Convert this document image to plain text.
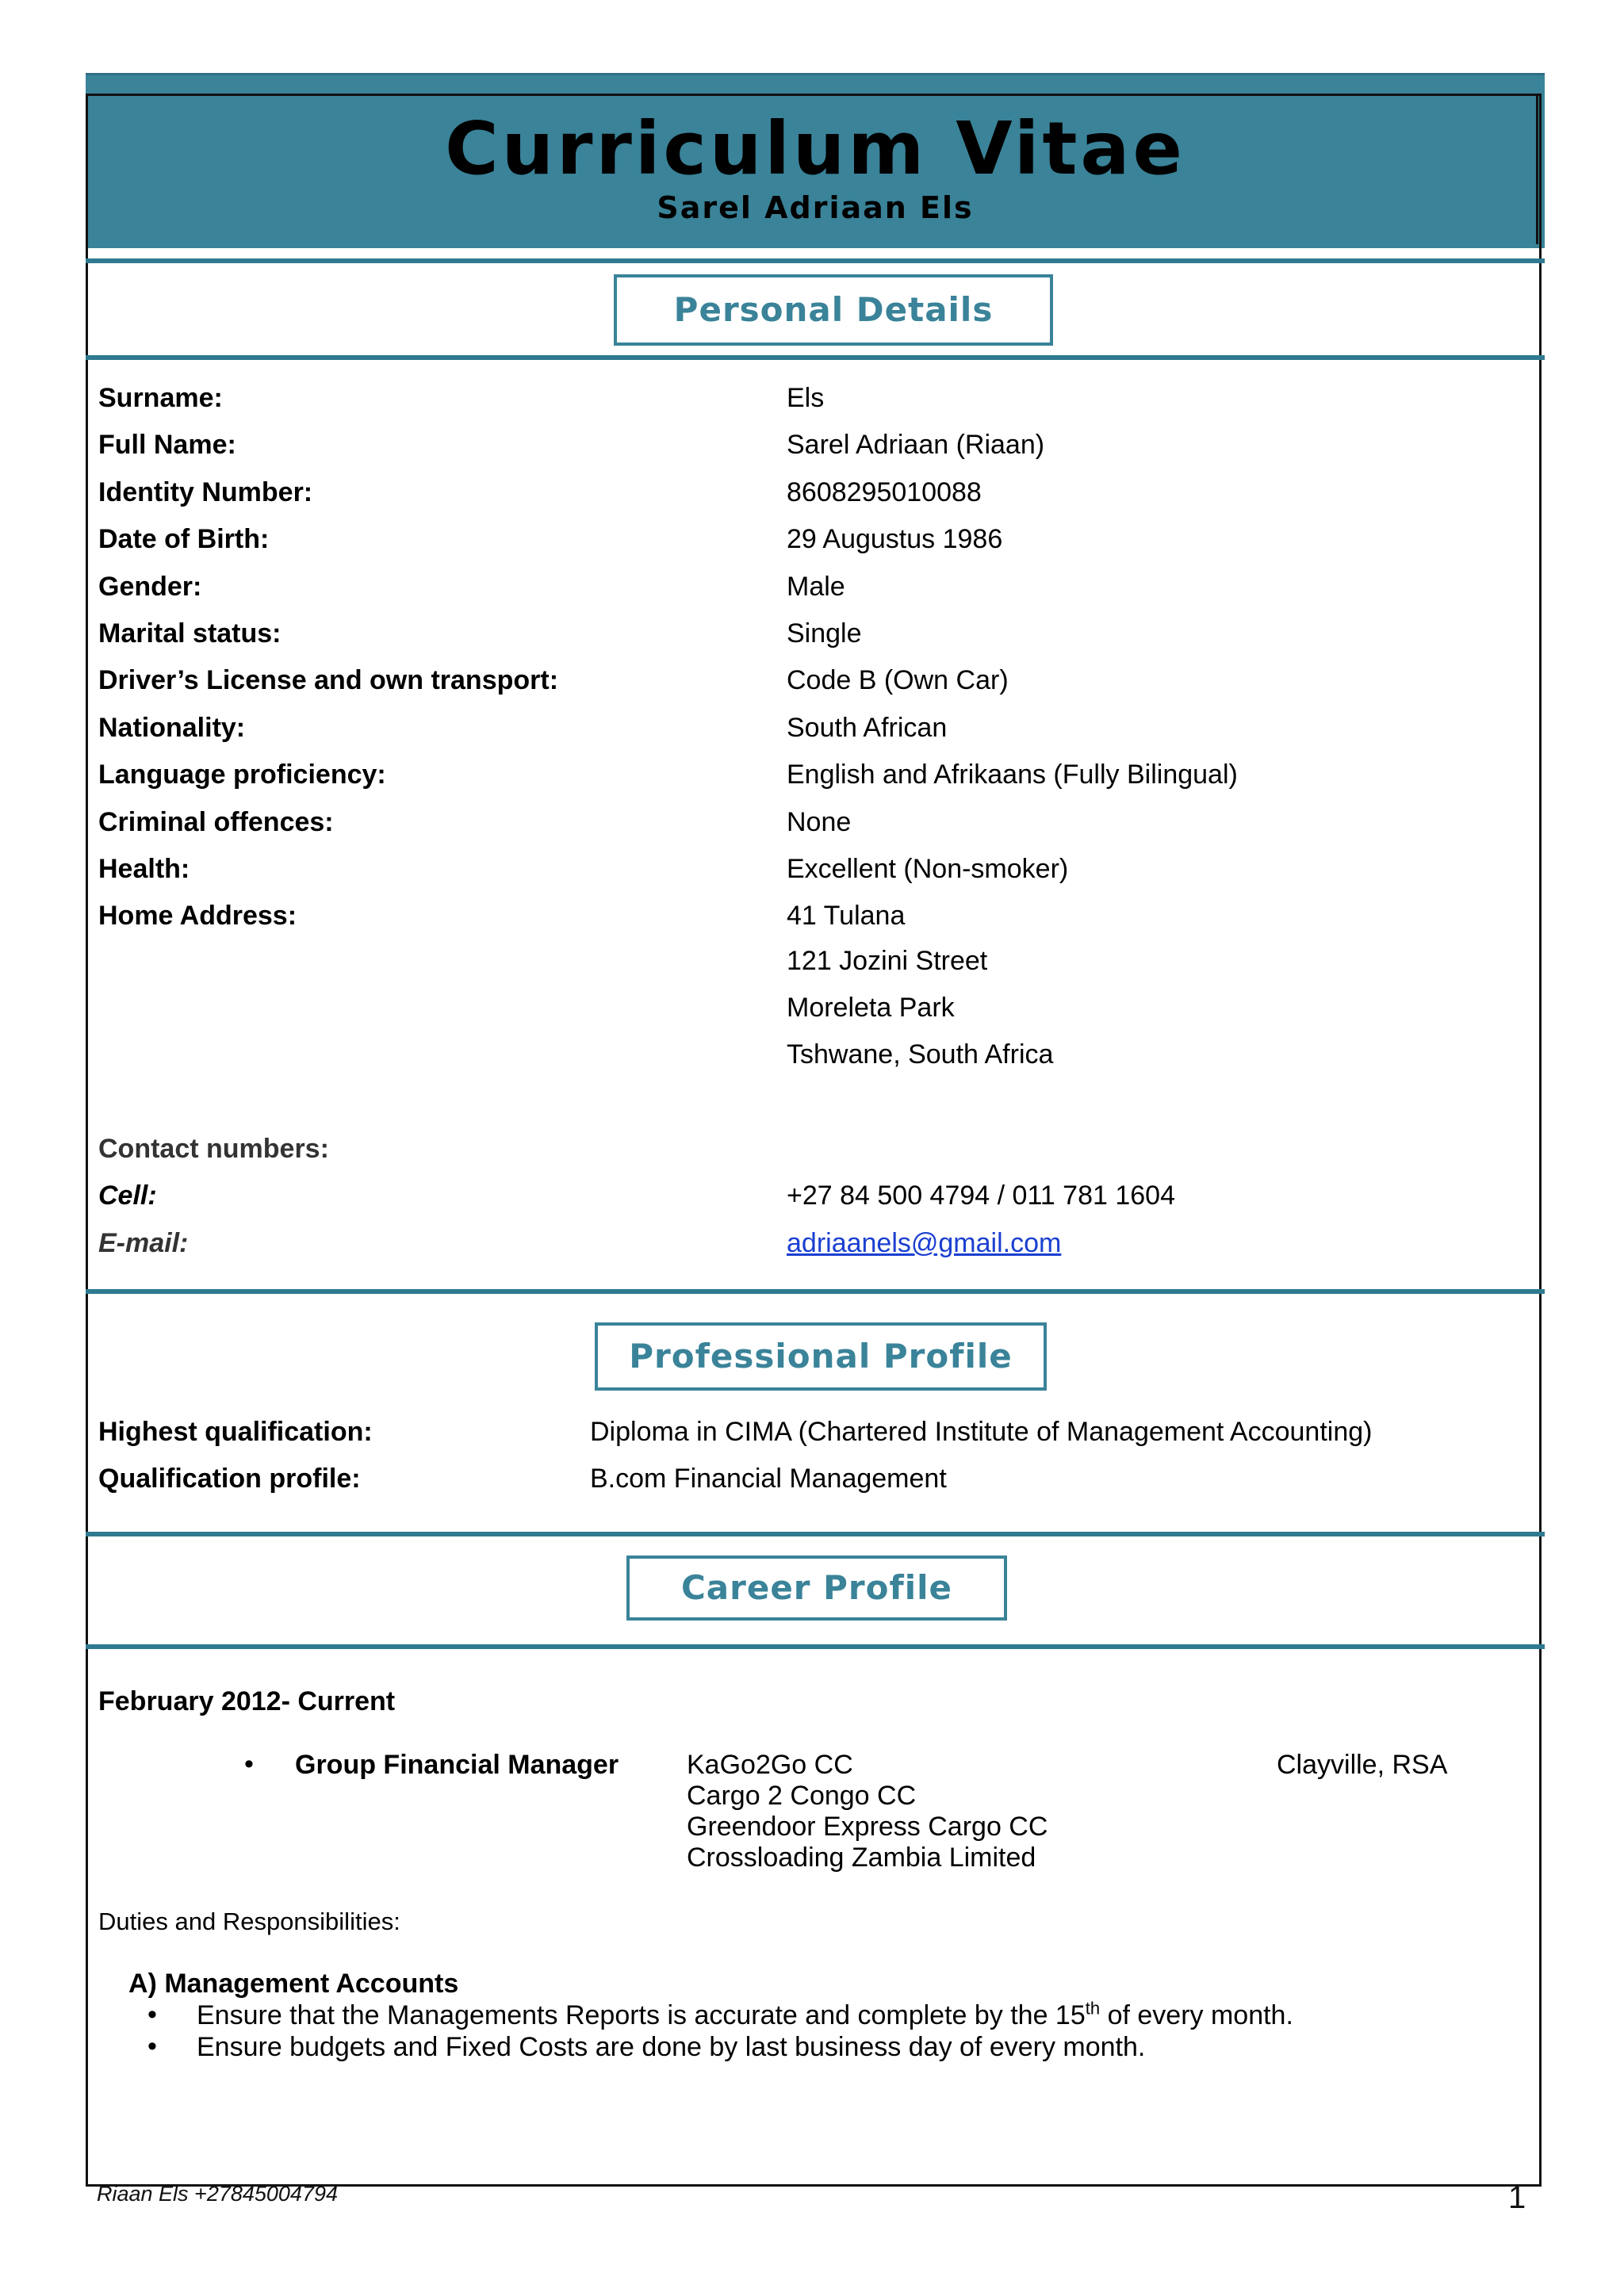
Curriculum Vitae
Sarel Adriaan Els
Personal Details
Surname:	Els
Full Name:	Sarel Adriaan (Riaan)
Identity Number:	8608295010088
Date of Birth:	29 Augustus 1986
Gender:	Male
Marital status:	Single
Driver’s License and own transport:	Code B (Own Car)
Nationality:	South African
Language proficiency:	English and Afrikaans (Fully Bilingual)
Criminal offences:	None
Health:	Excellent (Non-smoker)
Home Address:	41 Tulana
121 Jozini Street
Moreleta Park
Tshwane, South Africa
Contact numbers:
Cell:	+27 84 500 4794 / 011 781 1604
E-mail:	adriaanels@gmail.com
Professional Profile
Highest qualification:	Diploma in CIMA (Chartered Institute of Management Accounting)
Qualification profile:	B.com Financial Management
Career Profile
February 2012- Current
• Group Financial Manager	KaGo2Go CC
Cargo 2 Congo CC
Greendoor Express Cargo CC
Crossloading Zambia Limited
Clayville, RSA
Duties and Responsibilities:
A) Management Accounts
• Ensure that the Managements Reports is accurate and complete by the 15th of every month.
• Ensure budgets and Fixed Costs are done by last business day of every month.
Riaan Els +27845004794	1
